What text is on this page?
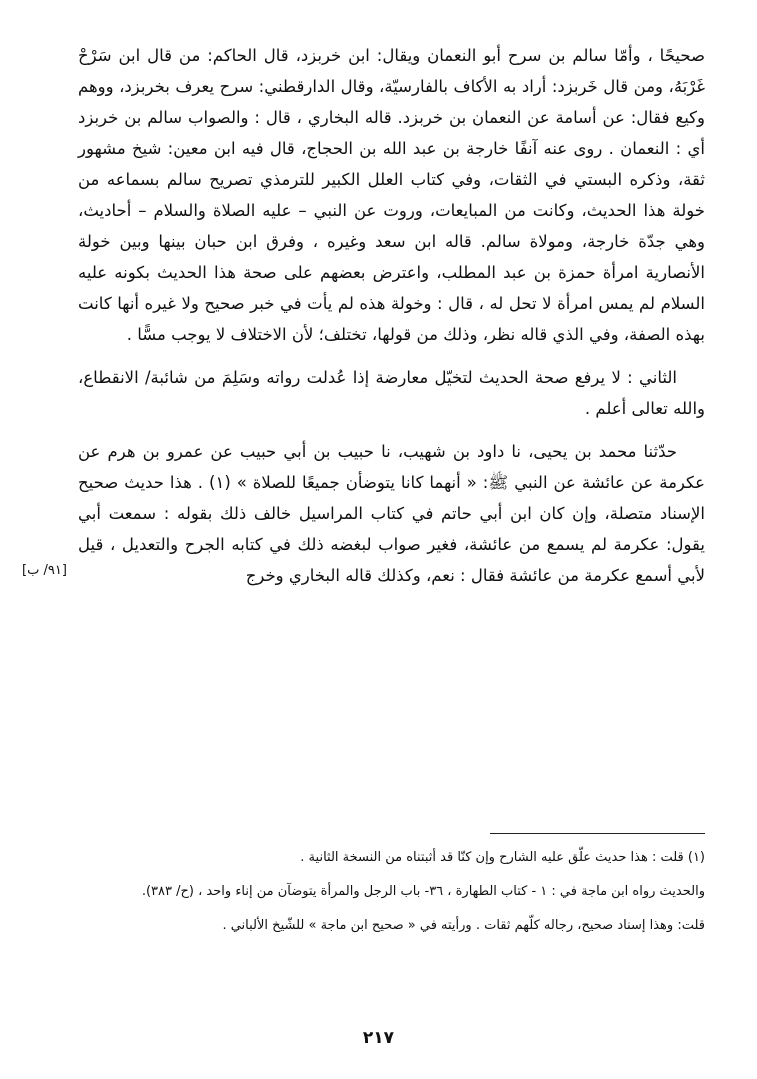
صحيحًا ، وأمّا سالم بن سرح أبو النعمان ويقال: ابن خربزد، قال الحاكم: من قال ابن سَرْحْ غَرْبَهُ، ومن قال خَربزد: أراد به الأكاف بالفارسيّة، وقال الدارقطني: سرح يعرف بخربزد، ووهم وكيع فقال: عن أسامة عن النعمان بن خربزد. قاله البخاري ، قال : والصواب سالم بن خربزد أي : النعمان . روى عنه آنفًا خارجة بن عبد الله بن الحجاج، قال فيه ابن معين: شيخ مشهور ثقة، وذكره البستي في الثقات، وفي كتاب العلل الكبير للترمذي تصريح سالم بسماعه من خولة هذا الحديث، وكانت من المبايعات، وروت عن النبي – عليه الصلاة والسلام – أحاديث، وهي جدّة خارجة، ومولاة سالم. قاله ابن سعد وغيره ، وفرق ابن حبان بينها وبين خولة الأنصارية امرأة حمزة بن عبد المطلب، واعترض بعضهم على صحة هذا الحديث بكونه عليه السلام لم يمس امرأة لا تحل له ، قال : وخولة هذه لم يأت في خبر صحيح ولا غيره أنها كانت بهذه الصفة، وفي الذي قاله نظر، وذلك من قولها، تختلف؛ لأن الاختلاف لا يوجب مسًّا .

الثاني : لا يرفع صحة الحديث لتخيّل معارضة إذا عُدلت رواته وسَلِمَ من شائبة/ الانقطاع، والله تعالى أعلم .

حدّثنا محمد بن يحيى، نا داود بن شهيب، نا حبيب بن أبي حبيب عن عمرو بن هرم عن عكرمة عن عائشة عن النبي ﷺ: « أنهما كانا يتوضأن جميعًا للصلاة » (١) . هذا حديث صحيح الإسناد متصلة، وإن كان ابن أبي حاتم في كتاب المراسيل خالف ذلك بقوله : سمعت أبي يقول: عكرمة لم يسمع من عائشة، فغير صواب لبغضه ذلك في كتابه الجرح والتعديل ، قيل لأبي أسمع عكرمة من عائشة فقال : نعم، وكذلك قاله البخاري وخرج

[٩١/ ب]

(١) قلت : هذا حديث علّق عليه الشارح وإن كنّا قد أثبتناه من النسخة الثانية .

والحديث رواه ابن ماجة في : ١ - كتاب الطهارة ، ٣٦- باب الرجل والمرأة يتوضآن من إناء واحد ، (ح/ ٣٨٣).

قلت: وهذا إسناد صحيح، رجاله كلّهم ثقات . ورأيته في « صحيح ابن ماجة » للشّيخ الألباني .

٢١٧
